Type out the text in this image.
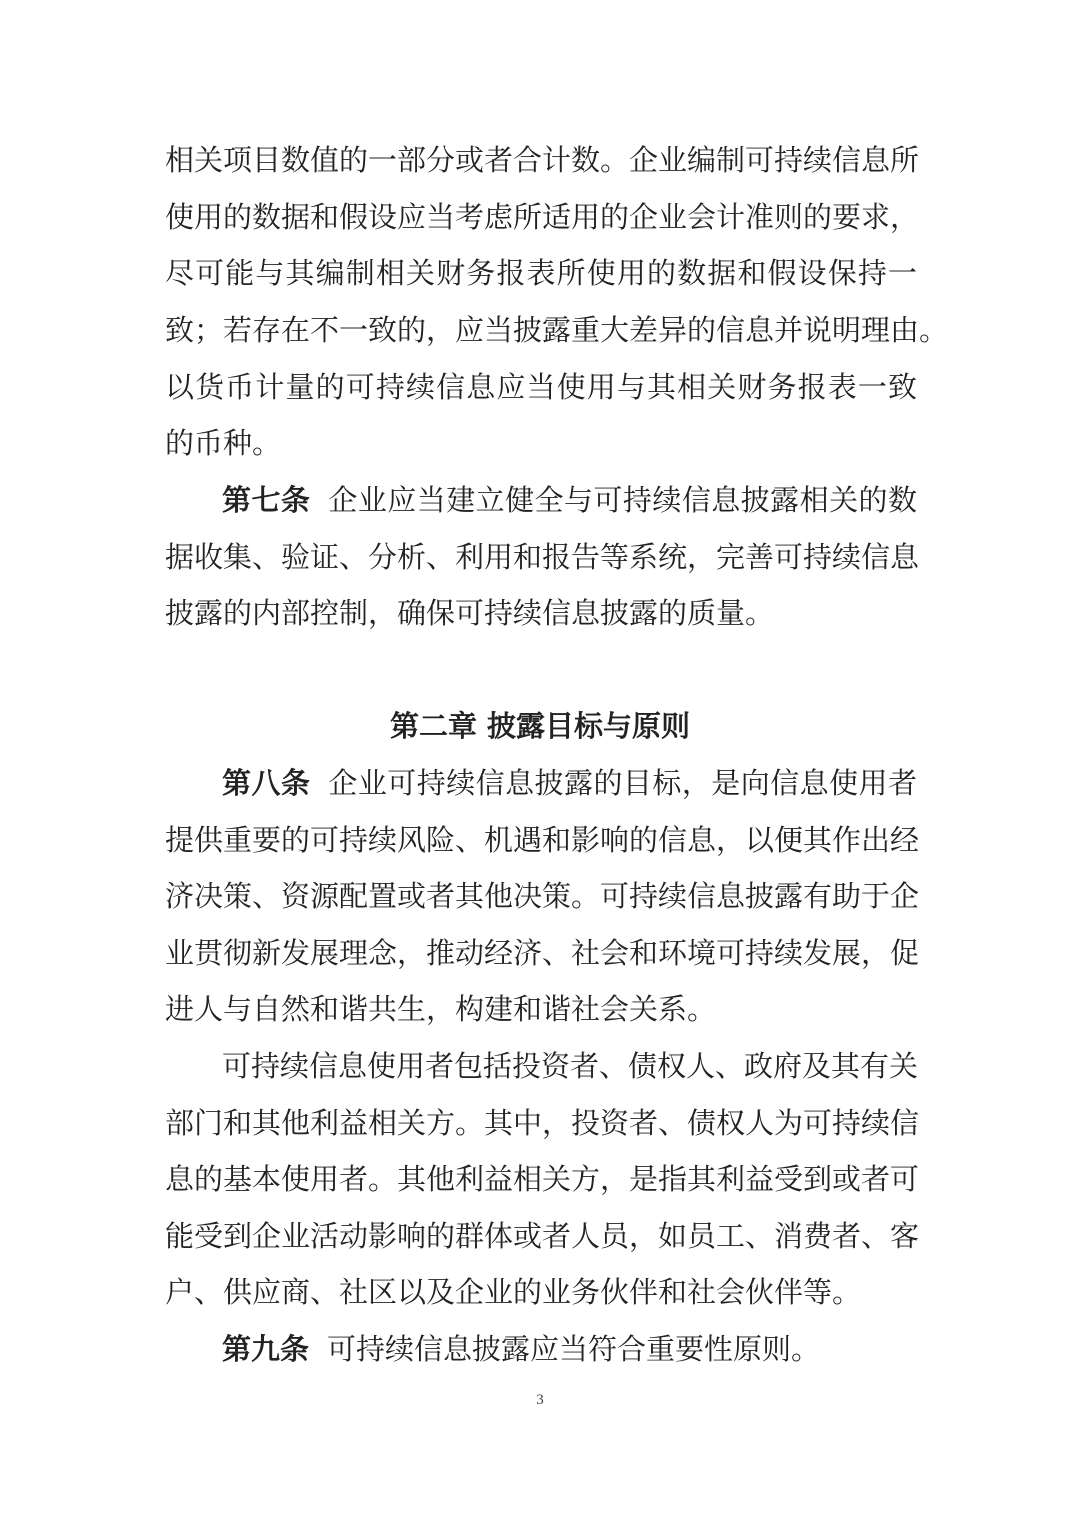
相关项目数值的一部分或者合计数。企业编制可持续信息所
使用的数据和假设应当考虑所适用的企业会计准则的要求，
尽可能与其编制相关财务报表所使用的数据和假设保持一
致；若存在不一致的，应当披露重大差异的信息并说明理由。
以货币计量的可持续信息应当使用与其相关财务报表一致
的币种。
第七条 企业应当建立健全与可持续信息披露相关的数
据收集、验证、分析、利用和报告等系统，完善可持续信息
披露的内部控制，确保可持续信息披露的质量。
第二章 披露目标与原则
第八条 企业可持续信息披露的目标，是向信息使用者
提供重要的可持续风险、机遇和影响的信息，以便其作出经
济决策、资源配置或者其他决策。可持续信息披露有助于企
业贯彻新发展理念，推动经济、社会和环境可持续发展，促
进人与自然和谐共生，构建和谐社会关系。
可持续信息使用者包括投资者、债权人、政府及其有关
部门和其他利益相关方。其中，投资者、债权人为可持续信
息的基本使用者。其他利益相关方，是指其利益受到或者可
能受到企业活动影响的群体或者人员，如员工、消费者、客
户、供应商、社区以及企业的业务伙伴和社会伙伴等。
第九条 可持续信息披露应当符合重要性原则。
3
